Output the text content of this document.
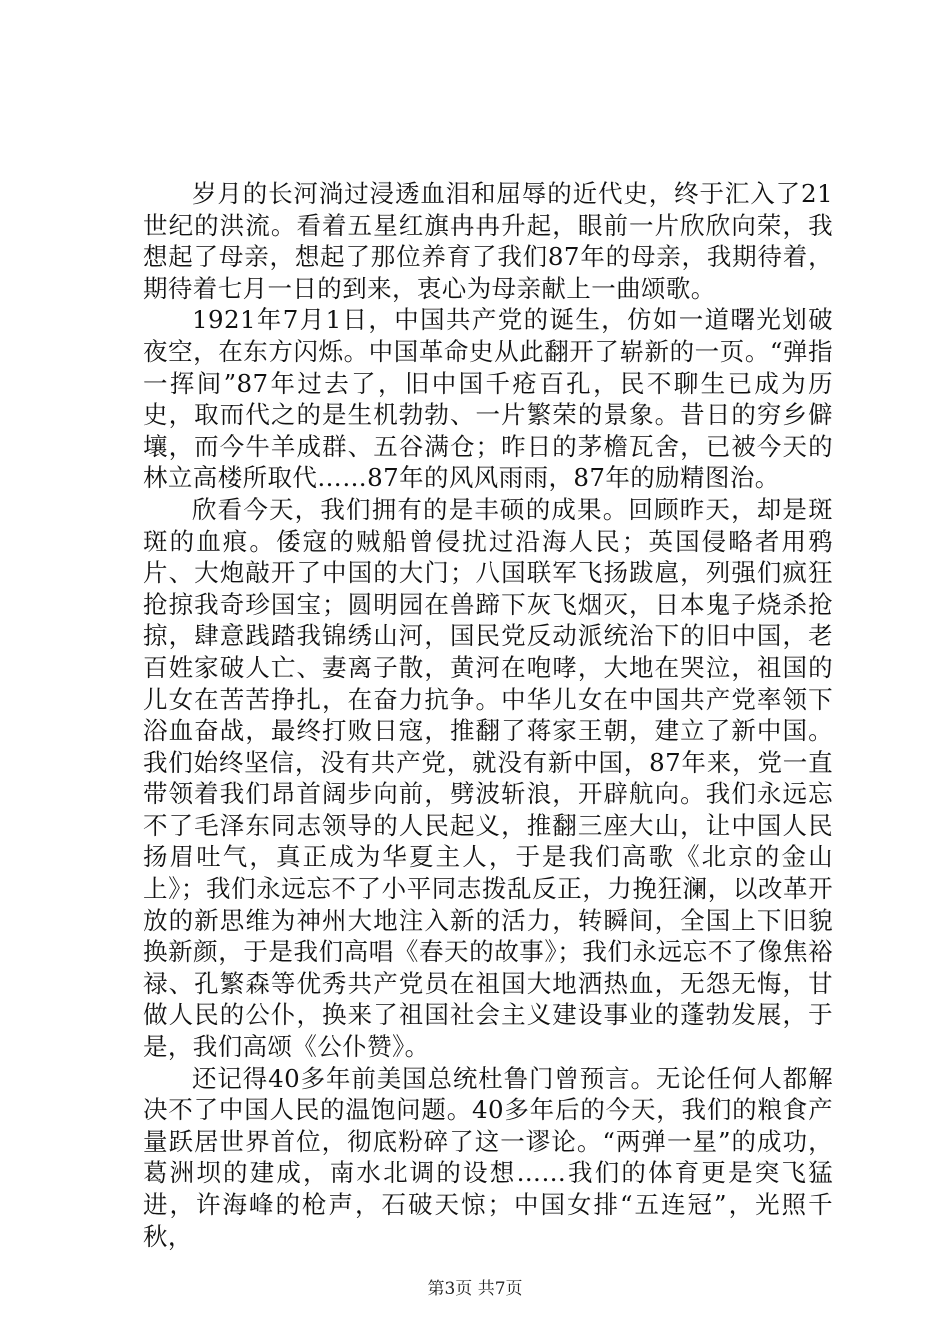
岁月的长河淌过浸透血泪和屈辱的近代史，终于汇入了21世纪的洪流。看着五星红旗冉冉升起，眼前一片欣欣向荣，我想起了母亲，想起了那位养育了我们87年的母亲，我期待着，期待着七月一日的到来，衷心为母亲献上一曲颂歌。

1921年7月1日，中国共产党的诞生，仿如一道曙光划破夜空，在东方闪烁。中国革命史从此翻开了崭新的一页。“弹指一挥间”87年过去了，旧中国千疮百孔，民不聊生已成为历史，取而代之的是生机勃勃、一片繁荣的景象。昔日的穷乡僻壤，而今牛羊成群、五谷满仓；昨日的茅檐瓦舍，已被今天的林立高楼所取代……87年的风风雨雨，87年的励精图治。

欣看今天，我们拥有的是丰硕的成果。回顾昨天，却是斑斑的血痕。倭寇的贼船曾侵扰过沿海人民；英国侵略者用鸦片、大炮敲开了中国的大门；八国联军飞扬跋扈，列强们疯狂抢掠我奇珍国宝；圆明园在兽蹄下灰飞烟灭，日本鬼子烧杀抢掠，肆意践踏我锦绣山河，国民党反动派统治下的旧中国，老百姓家破人亡、妻离子散，黄河在咆哮，大地在哭泣，祖国的儿女在苦苦挣扎，在奋力抗争。中华儿女在中国共产党率领下浴血奋战，最终打败日寇，推翻了蒋家王朝，建立了新中国。我们始终坚信，没有共产党，就没有新中国，87年来，党一直带领着我们昂首阔步向前，劈波斩浪，开辟航向。我们永远忘不了毛泽东同志领导的人民起义，推翻三座大山，让中国人民扬眉吐气，真正成为华夏主人，于是我们高歌《北京的金山上》；我们永远忘不了小平同志拨乱反正，力挽狂澜，以改革开放的新思维为神州大地注入新的活力，转瞬间，全国上下旧貌换新颜，于是我们高唱《春天的故事》；我们永远忘不了像焦裕禄、孔繁森等优秀共产党员在祖国大地洒热血，无怨无悔，甘做人民的公仆，换来了祖国社会主义建设事业的蓬勃发展，于是，我们高颂《公仆赞》。

还记得40多年前美国总统杜鲁门曾预言。无论任何人都解决不了中国人民的温饱问题。40多年后的今天，我们的粮食产量跃居世界首位，彻底粉碎了这一谬论。“两弹一星”的成功，葛洲坝的建成，南水北调的设想……我们的体育更是突飞猛进，许海峰的枪声，石破天惊；中国女排“五连冠”，光照千秋，

第3页 共7页
